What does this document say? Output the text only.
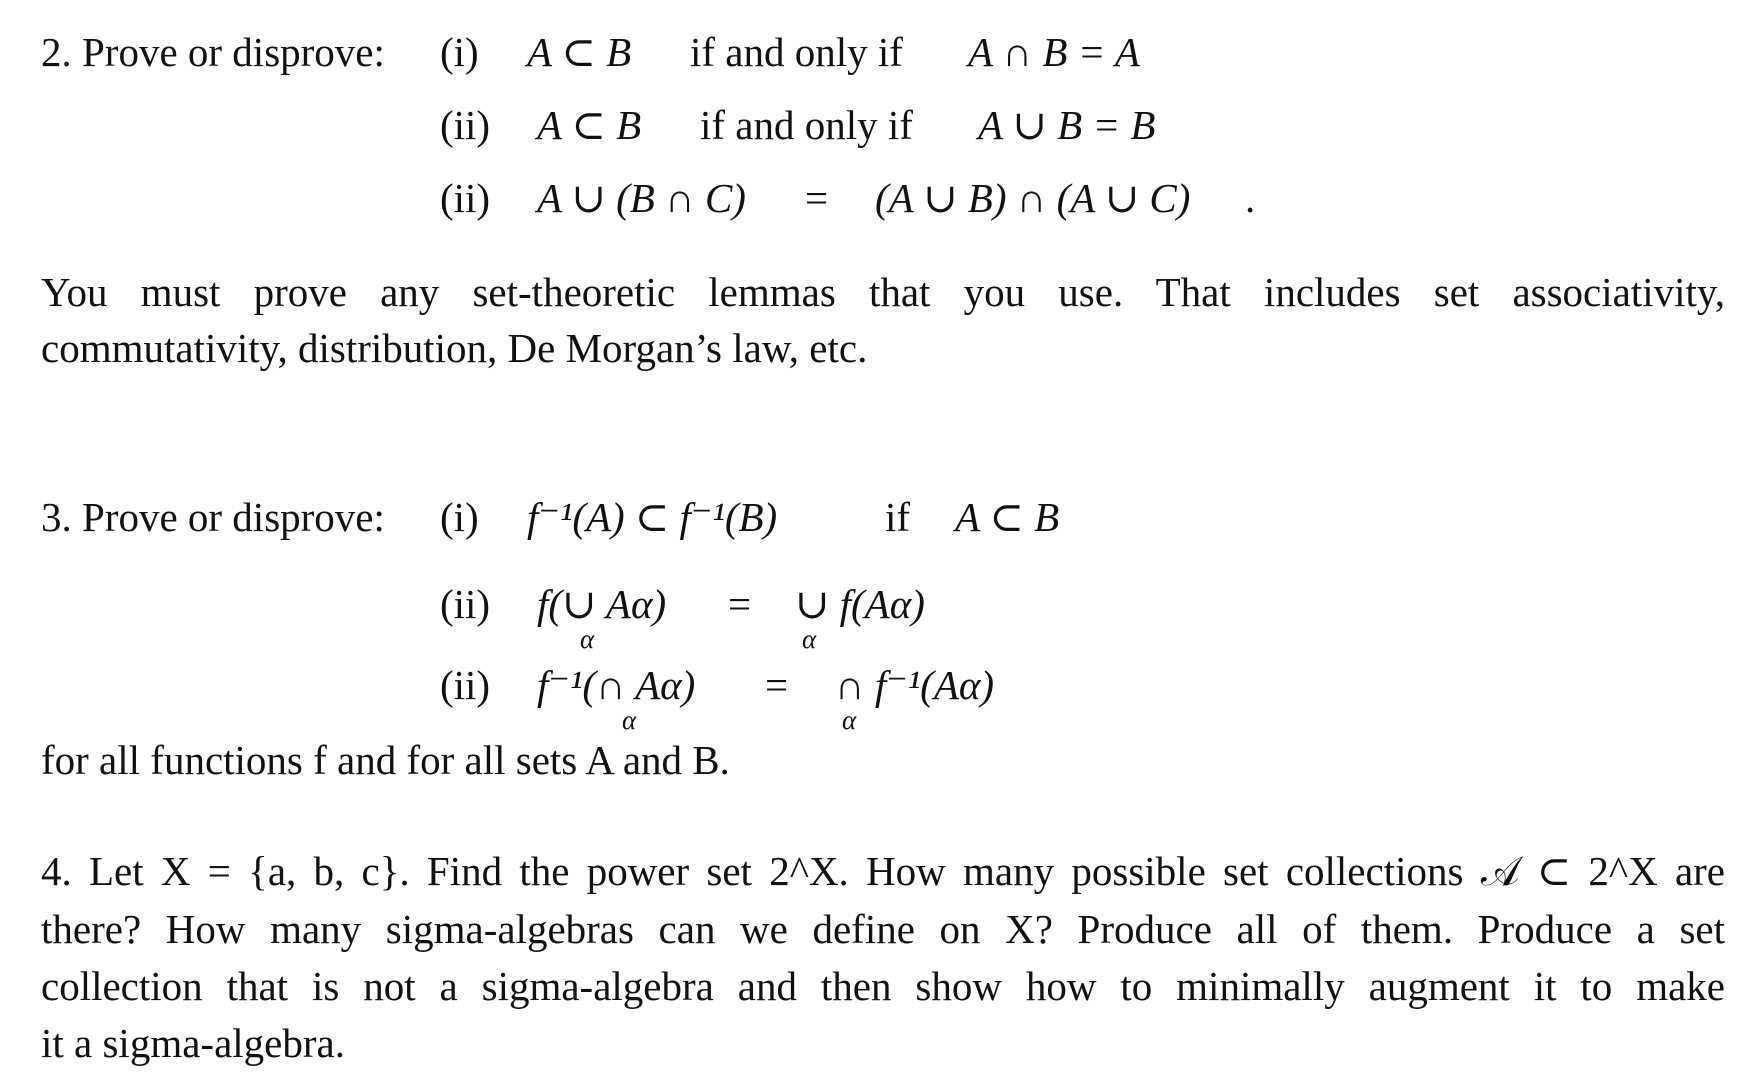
2. Prove or disprove: (i) A ⊂ B if and only if A ∩ B = A
(ii) A ⊂ B if and only if A ∪ B = B
(ii) A ∪ (B ∩ C) = (A ∪ B) ∩ (A ∪ C) .
You must prove any set-theoretic lemmas that you use. That includes set associativity,
commutativity, distribution, De Morgan’s law, etc.
3. Prove or disprove: (i) f⁻¹(A) ⊂ f⁻¹(B)	if A ⊂ B
(ii) f(∪ Aα)
α
= ∪ f(Aα)
α
(ii) f⁻¹(∩ Aα)
α
= ∩ f⁻¹(Aα)
α
for all functions f and for all sets A and B.
4. Let X = {a, b, c}. Find the power set 2^X. How many possible set collections 𝒜 ⊂ 2^X are
there? How many sigma-algebras can we define on X? Produce all of them. Produce a set
collection that is not a sigma-algebra and then show how to minimally augment it to make
it a sigma-algebra.
